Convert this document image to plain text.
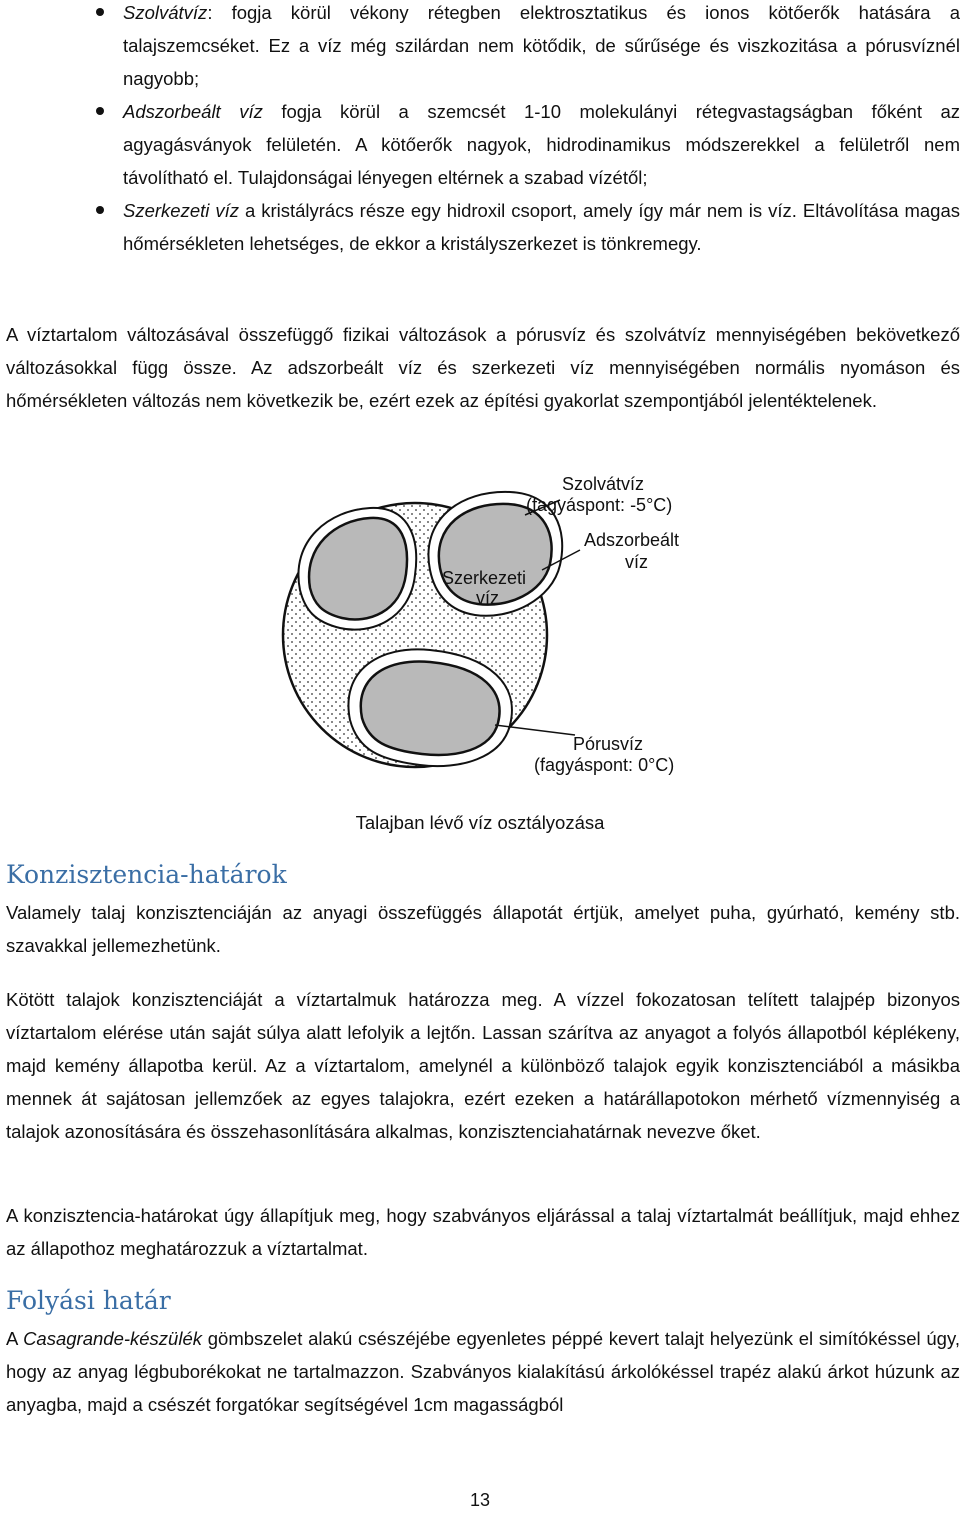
Szolvátvíz: fogja körül vékony rétegben elektrosztatikus és ionos kötőerők hatására a talajszemcséket. Ez a víz még szilárdan nem kötődik, de sűrűsége és viszkozitása a pórusvíznél nagyobb;
Adszorbeált víz fogja körül a szemcsét 1-10 molekulányi rétegvastagságban főként az agyagásványok felületén. A kötőerők nagyok, hidrodinamikus módszerekkel a felületről nem távolítható el. Tulajdonságai lényegen eltérnek a szabad vízétől;
Szerkezeti víz a kristályrács része egy hidroxil csoport, amely így már nem is víz. Eltávolítása magas hőmérsékleten lehetséges, de ekkor a kristályszerkezet is tönkremegy.

A víztartalom változásával összefüggő fizikai változások a pórusvíz és szolvátvíz mennyiségében bekövetkező változásokkal függ össze. Az adszorbeált víz és szerkezeti víz mennyiségében normális nyomáson és hőmérsékleten változás nem következik be, ezért ezek az építési gyakorlat szempontjából jelentéktelenek.

Szolvátvíz
(fagyáspont: -5°C)
Adszorbeált
víz
Szerkezeti
víz
Pórusvíz
(fagyáspont: 0°C)
Talajban lévő víz osztályozása
Konzisztencia-határok

Valamely talaj konzisztenciáján az anyagi összefüggés állapotát értjük, amelyet puha, gyúrható, kemény stb. szavakkal jellemezhetünk.

Kötött talajok konzisztenciáját a víztartalmuk határozza meg. A vízzel fokozatosan telített talajpép bizonyos víztartalom elérése után saját súlya alatt lefolyik a lejtőn. Lassan szárítva az anyagot a folyós állapotból képlékeny, majd kemény állapotba kerül. Az a víztartalom, amelynél a különböző talajok egyik konzisztenciából a másikba mennek át sajátosan jellemzőek az egyes talajokra, ezért ezeken a határállapotokon mérhető vízmennyiség a talajok azonosítására és összehasonlítására alkalmas, konzisztenciahatárnak nevezve őket.

A konzisztencia-határokat úgy állapítjuk meg, hogy szabványos eljárással a talaj víztartalmát beállítjuk, majd ehhez az állapothoz meghatározzuk a víztartalmat.

Folyási határ

A Casagrande-készülék gömbszelet alakú csészéjébe egyenletes péppé kevert talajt helyezünk el simítókéssel úgy, hogy az anyag légbuborékokat ne tartalmazzon. Szabványos kialakítású árkolókéssel trapéz alakú árkot húzunk az anyagba, majd a csészét forgatókar segítségével 1cm magasságból

13
